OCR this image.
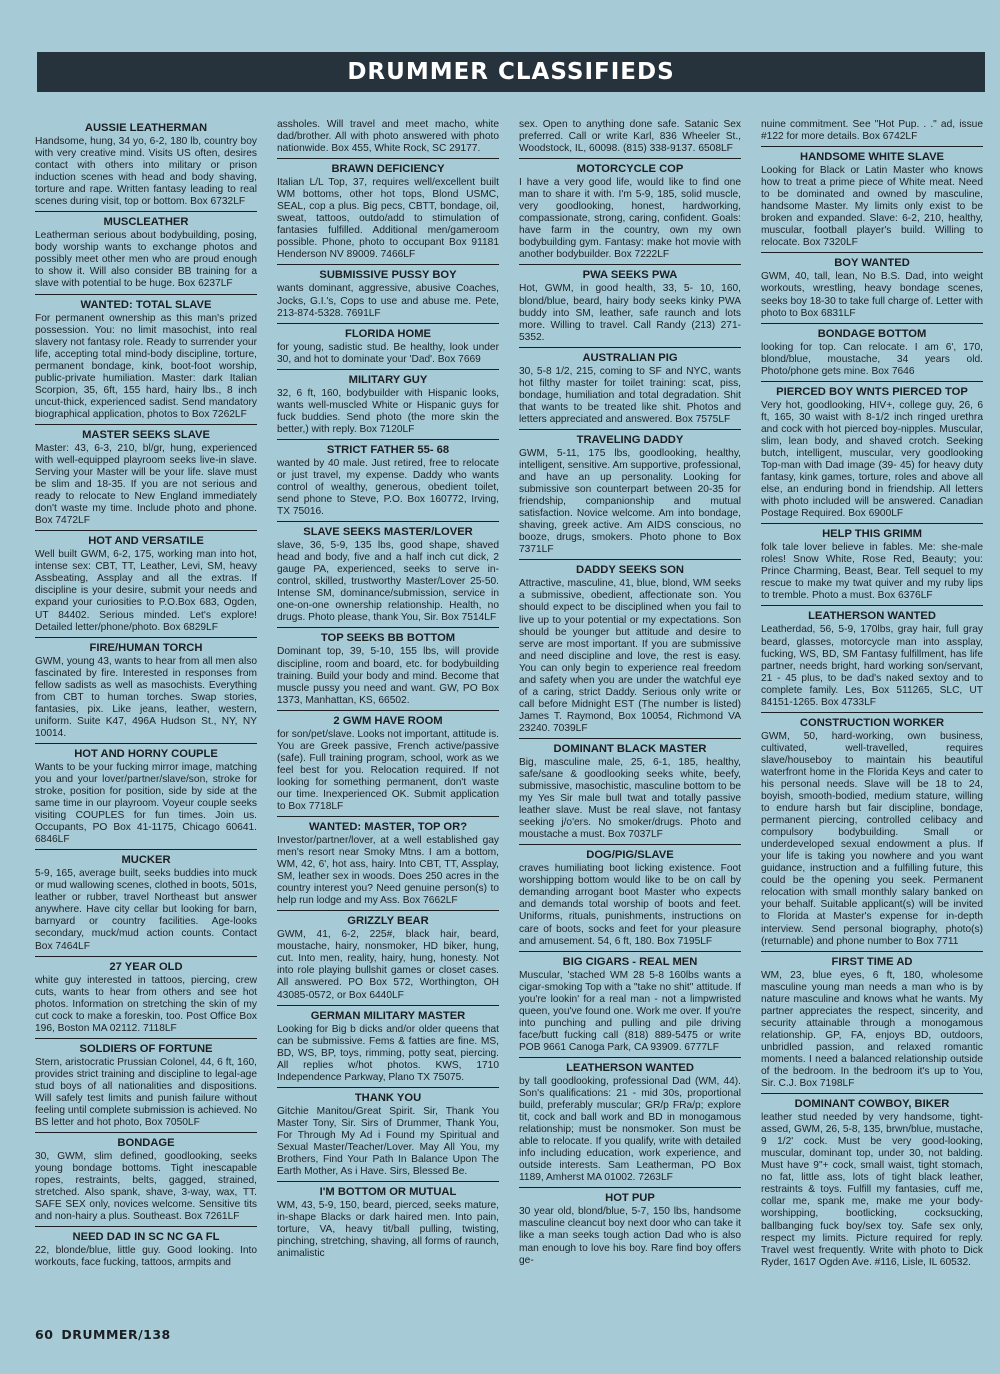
DRUMMER CLASSIFIEDS
AUSSIE LEATHERMAN
Handsome, hung, 34 yo, 6-2, 180 lb, country boy with very creative mind. Visits US often, desires contact with others into military or prison induction scenes with head and body shaving, torture and rape. Written fantasy leading to real scenes during visit, top or bottom. Box 6732LF
MUSCLEATHER
Leatherman serious about bodybuilding, posing, body worship wants to exchange photos and possibly meet other men who are proud enough to show it. Will also consider BB training for a slave with potential to be huge. Box 6237LF
WANTED: TOTAL SLAVE
For permanent ownership as this man's prized possession. You: no limit masochist, into real slavery not fantasy role. Ready to surrender your life, accepting total mind-body discipline, torture, permanent bondage, kink, boot-foot worship, public-private humiliation. Master: dark Italian Scorpion, 35, 6ft, 155 hard, hairy lbs., 8 inch uncut-thick, experienced sadist. Send mandatory biographical application, photos to Box 7262LF
MASTER SEEKS SLAVE
Master: 43, 6-3, 210, bl/gr, hung, experienced with well-equipped playroom seeks live-in slave. Serving your Master will be your life. slave must be slim and 18-35. If you are not serious and ready to relocate to New England immediately don't waste my time. Include photo and phone. Box 7472LF
HOT AND VERSATILE
Well built GWM, 6-2, 175, working man into hot, intense sex: CBT, TT, Leather, Levi, SM, heavy Assbeating, Assplay and all the extras. If discipline is your desire, submit your needs and expand your curiosities to P.O.Box 683, Ogden, UT 84402. Serious minded. Let's explore! Detailed letter/phone/photo. Box 6829LF
FIRE/HUMAN TORCH
GWM, young 43, wants to hear from all men also fascinated by fire. Interested in responses from fellow sadists as well as masochists. Everything from CBT to human torches. Swap stories, fantasies, pix. Like jeans, leather, western, uniform. Suite K47, 496A Hudson St., NY, NY 10014.
HOT AND HORNY COUPLE
Wants to be your fucking mirror image, matching you and your lover/partner/slave/son, stroke for stroke, position for position, side by side at the same time in our playroom. Voyeur couple seeks visiting COUPLES for fun times. Join us. Occupants, PO Box 41-1175, Chicago 60641. 6846LF
MUCKER
5-9, 165, average built, seeks buddies into muck or mud wallowing scenes, clothed in boots, 501s, leather or rubber, travel Northeast but answer anywhere. Have city cellar but looking for barn, barnyard or country facilities. Age-looks secondary, muck/mud action counts. Contact Box 7464LF
27 YEAR OLD
white guy interested in tattoos, piercing, crew cuts, wants to hear from others and see hot photos. Information on stretching the skin of my cut cock to make a foreskin, too. Post Office Box 196, Boston MA 02112. 7118LF
SOLDIERS OF FORTUNE
Stern, aristocratic Prussian Colonel, 44, 6 ft, 160, provides strict training and discipline to legal-age stud boys of all nationalities and dispositions. Will safely test limits and punish failure without feeling until complete submission is achieved. No BS letter and hot photo, Box 7050LF
BONDAGE
30, GWM, slim defined, goodlooking, seeks young bondage bottoms. Tight inescapable ropes, restraints, belts, gagged, strained, stretched. Also spank, shave, 3-way, wax, TT. SAFE SEX only, novices welcome. Sensitive tits and non-hairy a plus. Southeast. Box 7261LF
NEED DAD IN SC NC GA FL
22, blonde/blue, little guy. Good looking. Into workouts, face fucking, tattoos, armpits and
assholes. Will travel and meet macho, white dad/brother. All with photo answered with photo nationwide. Box 455, White Rock, SC 29177.
BRAWN DEFICIENCY
Italian L/L Top, 37, requires well/excellent built WM bottoms, other hot tops, Blond USMC, SEAL, cop a plus. Big pecs, CBTT, bondage, oil, sweat, tattoos, outdo/add to stimulation of fantasies fulfilled. Additional men/gameroom possible. Phone, photo to occupant Box 91181 Henderson NV 89009. 7466LF
SUBMISSIVE PUSSY BOY
wants dominant, aggressive, abusive Coaches, Jocks, G.I.'s, Cops to use and abuse me. Pete, 213-874-5328. 7691LF
FLORIDA HOME
for young, sadistic stud. Be healthy, look under 30, and hot to dominate your 'Dad'. Box 7669
MILITARY GUY
32, 6 ft, 160, bodybuilder with Hispanic looks, wants well-muscled White or Hispanic guys for fuck buddies. Send photo (the more skin the better,) with reply. Box 7120LF
STRICT FATHER 55- 68
wanted by 40 male. Just retired, free to relocate or just travel, my expense. Daddy who wants control of wealthy, generous, obedient toilet, send phone to Steve, P.O. Box 160772, Irving, TX 75016.
SLAVE SEEKS MASTER/LOVER
slave, 36, 5-9, 135 lbs, good shape, shaved head and body, five and a half inch cut dick, 2 gauge PA, experienced, seeks to serve in-control, skilled, trustworthy Master/Lover 25-50. Intense SM, dominance/submission, service in one-on-one ownership relationship. Health, no drugs. Photo please, thank You, Sir. Box 7514LF
TOP SEEKS BB BOTTOM
Dominant top, 39, 5-10, 155 lbs, will provide discipline, room and board, etc. for bodybuilding training. Build your body and mind. Become that muscle pussy you need and want. GW, PO Box 1373, Manhattan, KS, 66502.
2 GWM HAVE ROOM
for son/pet/slave. Looks not important, attitude is. You are Greek passive, French active/passive (safe). Full training program, school, work as we feel best for you. Relocation required. If not looking for something permanent, don't waste our time. Inexperienced OK. Submit application to Box 7718LF
WANTED: MASTER, TOP OR?
Investor/partner/lover, at a well established gay men's resort near Smoky Mtns. I am a bottom, WM, 42, 6', hot ass, hairy. Into CBT, TT, Assplay, SM, leather sex in woods. Does 250 acres in the country interest you? Need genuine person(s) to help run lodge and my Ass. Box 7662LF
GRIZZLY BEAR
GWM, 41, 6-2, 225#, black hair, beard, moustache, hairy, nonsmoker, HD biker, hung, cut. Into men, reality, hairy, hung, honesty. Not into role playing bullshit games or closet cases. All answered. PO Box 572, Worthington, OH 43085-0572, or Box 6440LF
GERMAN MILITARY MASTER
Looking for Big b dicks and/or older queens that can be submissive. Fems & fatties are fine. MS, BD, WS, BP, toys, rimming, potty seat, piercing. All replies w/hot photos. KWS, 1710 Independence Parkway, Plano TX 75075.
THANK YOU
Gitchie Manitou/Great Spirit. Sir, Thank You Master Tony, Sir. Sirs of Drummer, Thank You, For Through My Ad i Found my Spiritual and Sexual Master/Teacher/Lover. May All You, my Brothers, Find Your Path In Balance Upon The Earth Mother, As i Have. Sirs, Blessed Be.
I'M BOTTOM OR MUTUAL
WM, 43, 5-9, 150, beard, pierced, seeks mature, in-shape Blacks or dark haired men. Into pain, torture, VA, heavy tit/ball pulling, twisting, pinching, stretching, shaving, all forms of raunch, animalistic
sex. Open to anything done safe. Satanic Sex preferred. Call or write Karl, 836 Wheeler St., Woodstock, IL, 60098. (815) 338-9137. 6508LF
MOTORCYCLE COP
I have a very good life, would like to find one man to share it with. I'm 5-9, 185, solid muscle, very goodlooking, honest, hardworking, compassionate, strong, caring, confident. Goals: have farm in the country, own my own bodybuilding gym. Fantasy: make hot movie with another bodybuilder. Box 7222LF
PWA SEEKS PWA
Hot, GWM, in good health, 33, 5- 10, 160, blond/blue, beard, hairy body seeks kinky PWA buddy into SM, leather, safe raunch and lots more. Willing to travel. Call Randy (213) 271-5352.
AUSTRALIAN PIG
30, 5-8 1/2, 215, coming to SF and NYC, wants hot filthy master for toilet training: scat, piss, bondage, humiliation and total degradation. Shit that wants to be treated like shit. Photos and letters appreciated and answered. Box 7575LF
TRAVELING DADDY
GWM, 5-11, 175 lbs, goodlooking, healthy, intelligent, sensitive. Am supportive, professional, and have an up personality. Looking for submissive son counterpart between 20-35 for friendship, companionship and mutual satisfaction. Novice welcome. Am into bondage, shaving, greek active. Am AIDS conscious, no booze, drugs, smokers. Photo phone to Box 7371LF
DADDY SEEKS SON
Attractive, masculine, 41, blue, blond, WM seeks a submissive, obedient, affectionate son. You should expect to be disciplined when you fail to live up to your potential or my expectations. Son should be younger but attitude and desire to serve are most important. If you are submissive and need discipline and love, the rest is easy. You can only begin to experience real freedom and safety when you are under the watchful eye of a caring, strict Daddy. Serious only write or call before Midnight EST (The number is listed) James T. Raymond, Box 10054, Richmond VA 23240. 7039LF
DOMINANT BLACK MASTER
Big, masculine male, 25, 6-1, 185, healthy, safe/sane & goodlooking seeks white, beefy, submissive, masochistic, masculine bottom to be my Yes Sir male bull twat and totally passive leather slave. Must be real slave, not fantasy seeking j/o'ers. No smoker/drugs. Photo and moustache a must. Box 7037LF
DOG/PIG/SLAVE
craves humiliating boot licking existence. Foot worshipping bottom would like to be on call by demanding arrogant boot Master who expects and demands total worship of boots and feet. Uniforms, rituals, punishments, instructions on care of boots, socks and feet for your pleasure and amusement. 54, 6 ft, 180. Box 7195LF
BIG CIGARS - REAL MEN
Muscular, 'stached WM 28 5-8 160lbs wants a cigar-smoking Top with a "take no shit" attitude. If you're lookin' for a real man - not a limpwristed queen, you've found one. Work me over. If you're into punching and pulling and pile driving face/butt fucking call (818) 889-5475 or write POB 9661 Canoga Park, CA 93909. 6777LF
LEATHERSON WANTED
by tall goodlooking, professional Dad (WM, 44). Son's qualifications: 21 - mid 30s, proportional build, preferably muscular; GR/p FRa/p; explore tit, cock and ball work and BD in monogamous relationship; must be nonsmoker. Son must be able to relocate. If you qualify, write with detailed info including education, work experience, and outside interests. Sam Leatherman, PO Box 1189, Amherst MA 01002. 7263LF
HOT PUP
30 year old, blond/blue, 5-7, 150 lbs, handsome masculine cleancut boy next door who can take it like a man seeks tough action Dad who is also man enough to love his boy. Rare find boy offers ge-
nuine commitment. See "Hot Pup. . ." ad, issue #122 for more details. Box 6742LF
HANDSOME WHITE SLAVE
Looking for Black or Latin Master who knows how to treat a prime piece of White meat. Need to be dominated and owned by masculine, handsome Master. My limits only exist to be broken and expanded. Slave: 6-2, 210, healthy, muscular, football player's build. Willing to relocate. Box 7320LF
BOY WANTED
GWM, 40, tall, lean, No B.S. Dad, into weight workouts, wrestling, heavy bondage scenes, seeks boy 18-30 to take full charge of. Letter with photo to Box 6831LF
BONDAGE BOTTOM
looking for top. Can relocate. I am 6', 170, blond/blue, moustache, 34 years old. Photo/phone gets mine. Box 7646
PIERCED BOY WNTS PIERCED TOP
Very hot, goodlooking, HIV+, college guy, 26, 6 ft, 165, 30 waist with 8-1/2 inch ringed urethra and cock with hot pierced boy-nipples. Muscular, slim, lean body, and shaved crotch. Seeking butch, intelligent, muscular, very goodlooking Top-man with Dad image (39- 45) for heavy duty fantasy, kink games, torture, roles and above all else, an enduring bond in friendship. All letters with photo included will be answered. Canadian Postage Required. Box 6900LF
HELP THIS GRIMM
folk tale lover believe in fables. Me: she-male roles! Snow White, Rose Red, Beauty; you: Prince Charming, Beast, Bear. Tell sequel to my rescue to make my twat quiver and my ruby lips to tremble. Photo a must. Box 6376LF
LEATHERSON WANTED
Leatherdad, 56, 5-9, 170lbs, gray hair, full gray beard, glasses, motorcycle man into assplay, fucking, WS, BD, SM Fantasy fulfillment, has life partner, needs bright, hard working son/servant, 21 - 45 plus, to be dad's naked sextoy and to complete family. Les, Box 511265, SLC, UT 84151-1265. Box 4733LF
CONSTRUCTION WORKER
GWM, 50, hard-working, own business, cultivated, well-travelled, requires slave/houseboy to maintain his beautiful waterfront home in the Florida Keys and cater to his personal needs. Slave will be 18 to 24, boyish, smooth-bodied, medium stature, willing to endure harsh but fair discipline, bondage, permanent piercing, controlled celibacy and compulsory bodybuilding. Small or underdeveloped sexual endowment a plus. If your life is taking you nowhere and you want guidance, instruction and a fulfilling future, this could be the opening you seek. Permanent relocation with small monthly salary banked on your behalf. Suitable applicant(s) will be invited to Florida at Master's expense for in-depth interview. Send personal biography, photo(s) (returnable) and phone number to Box 7711
FIRST TIME AD
WM, 23, blue eyes, 6 ft, 180, wholesome masculine young man needs a man who is by nature masculine and knows what he wants. My partner appreciates the respect, sincerity, and security attainable through a monogamous relationship. GP, FA, enjoys BD, outdoors, unbridled passion, and relaxed romantic moments. I need a balanced relationship outside of the bedroom. In the bedroom it's up to You, Sir. C.J. Box 7198LF
DOMINANT COWBOY, BIKER
leather stud needed by very handsome, tight-assed, GWM, 26, 5-8, 135, brwn/blue, mustache, 9 1/2' cock. Must be very good-looking, muscular, dominant top, under 30, not balding. Must have 9"+ cock, small waist, tight stomach, no fat, little ass, lots of tight black leather, restraints & toys. Fulfill my fantasies, cuff me, collar me, spank me, make me your body-worshipping, bootlicking, cocksucking, ballbanging fuck boy/sex toy. Safe sex only, respect my limits. Picture required for reply. Travel west frequently. Write with photo to Dick Ryder, 1617 Ogden Ave. #116, Lisle, IL 60532.
60 DRUMMER/138
